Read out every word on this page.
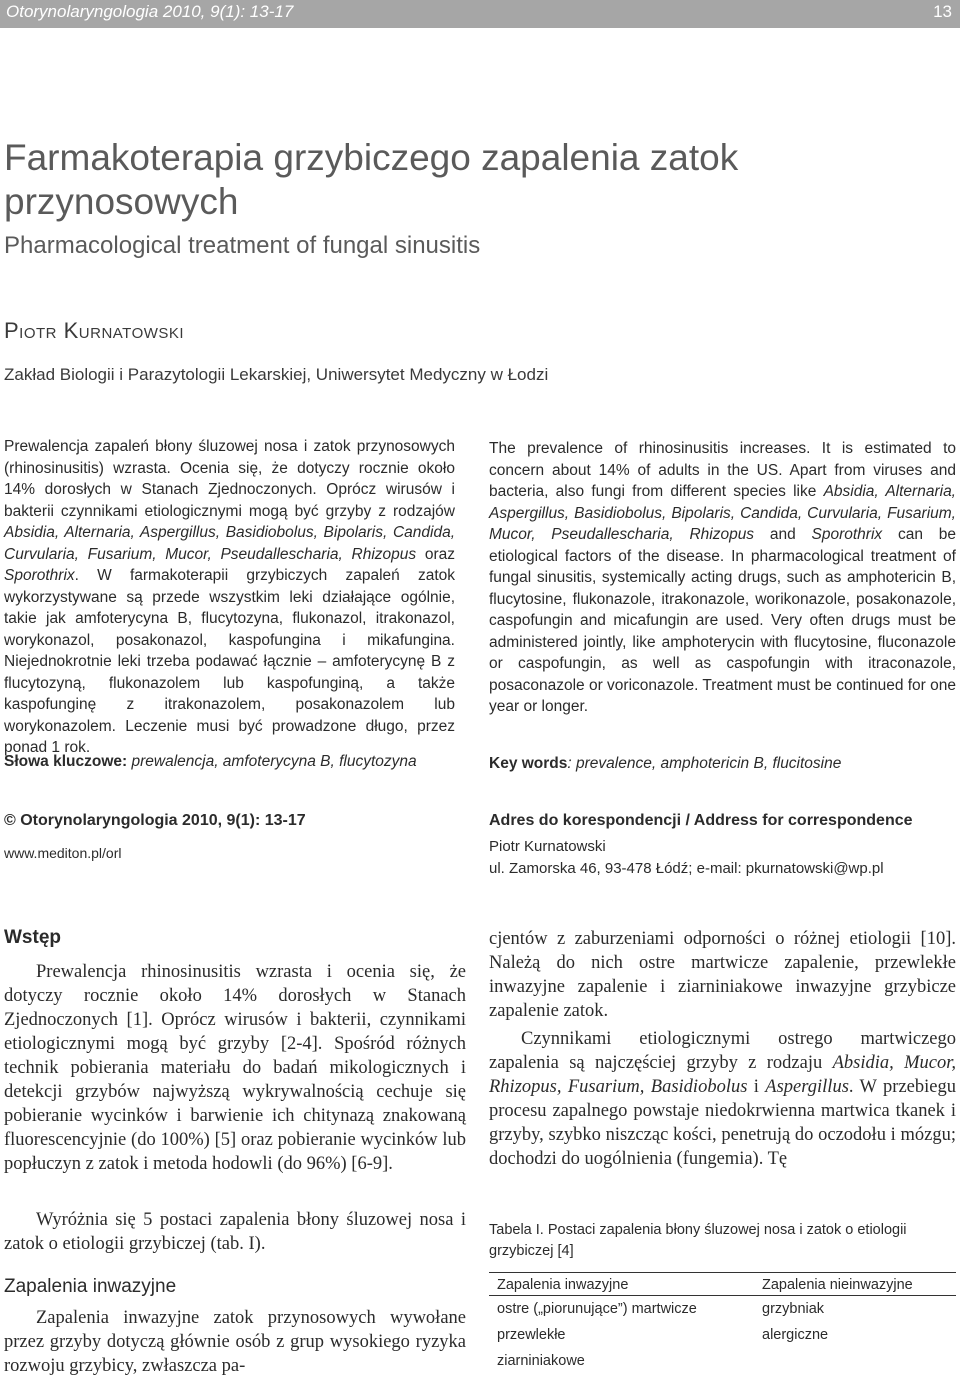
Otorynolaryngologia 2010, 9(1): 13-17	13
Farmakoterapia grzybiczego zapalenia zatok przynosowych
Pharmacological treatment of fungal sinusitis
Piotr Kurnatowski
Zakład Biologii i Parazytologii Lekarskiej, Uniwersytet Medyczny w Łodzi
Prewalencja zapaleń błony śluzowej nosa i zatok przynosowych (rhinosinusitis) wzrasta. Ocenia się, że dotyczy rocznie około 14% dorosłych w Stanach Zjednoczonych. Oprócz wirusów i bakterii czynnikami etiologicznymi mogą być grzyby z rodzajów Absidia, Alternaria, Aspergillus, Basidiobolus, Bipolaris, Candida, Curvularia, Fusarium, Mucor, Pseudallescharia, Rhizopus oraz Sporothrix. W farmakoterapii grzybiczych zapaleń zatok wykorzystywane są przede wszystkim leki działające ogólnie, takie jak amfoterycyna B, flucytozyna, flukonazol, itrakonazol, worykonazol, posakonazol, kaspofungina i mikafungina. Niejednokrotnie leki trzeba podawać łącznie – amfoterycynę B z flucytozyną, flukonazolem lub kaspofunginą, a także kaspofunginę z itrakonazolem, posakonazolem lub worykonazolem. Leczenie musi być prowadzone długo, przez ponad 1 rok.
Słowa kluczowe: prewalencja, amfoterycyna B, flucytozyna
The prevalence of rhinosinusitis increases. It is estimated to concern about 14% of adults in the US. Apart from viruses and bacteria, also fungi from different species like Absidia, Alternaria, Aspergillus, Basidiobolus, Bipolaris, Candida, Curvularia, Fusarium, Mucor, Pseudallescharia, Rhizopus and Sporothrix can be etiological factors of the disease. In pharmacological treatment of fungal sinusitis, systemically acting drugs, such as amphotericin B, flucytosine, flukonazole, itrakonazole, worikonazole, posakonazole, caspofungin and micafungin are used. Very often drugs must be administered jointly, like amphoterycin with flucytosine, fluconazole or caspofungin, as well as caspofungin with itraconazole, posaconazole or voriconazole. Treatment must be continued for one year or longer.
Key words: prevalence, amphotericin B, flucitosine
© Otorynolaryngologia 2010, 9(1): 13-17
www.mediton.pl/orl
Adres do korespondencji / Address for correspondence
Piotr Kurnatowski
ul. Zamorska 46, 93-478 Łódź; e-mail: pkurnatowski@wp.pl
Wstęp
Prewalencja rhinosinusitis wzrasta i ocenia się, że dotyczy rocznie około 14% dorosłych w Stanach Zjednoczonych [1]. Oprócz wirusów i bakterii, czynnikami etiologicznymi mogą być grzyby [2-4]. Spośród różnych technik pobierania materiału do badań mikologicznych i detekcji grzybów najwyższą wykrywalnością cechuje się pobieranie wycinków i barwienie ich chitynazą znakowaną fluorescencyjnie (do 100%) [5] oraz pobieranie wycinków lub popłuczyn z zatok i metoda hodowli (do 96%) [6-9].
Wyróżnia się 5 postaci zapalenia błony śluzowej nosa i zatok o etiologii grzybiczej (tab. I).
Zapalenia inwazyjne
Zapalenia inwazyjne zatok przynosowych wywołane przez grzyby dotyczą głównie osób z grup wysokiego ryzyka rozwoju grzybicy, zwłaszcza pa-
cjentów z zaburzeniami odporności o różnej etiologii [10]. Należą do nich ostre martwicze zapalenie, przewlekłe inwazyjne zapalenie i ziarniniakowe inwazyjne grzybicze zapalenie zatok.
Czynnikami etiologicznymi ostrego martwiczego zapalenia są najczęściej grzyby z rodzaju Absidia, Mucor, Rhizopus, Fusarium, Basidiobolus i Aspergillus. W przebiegu procesu zapalnego powstaje niedokrwienna martwica tkanek i grzyby, szybko niszcząc kości, penetrują do oczodołu i mózgu; dochodzi do uogólnienia (fungemia). Tę
Tabela I. Postaci zapalenia błony śluzowej nosa i zatok o etiologii grzybiczej [4]
Zapalenia inwazyjne	Zapalenia nieinwazyjne
ostre („piorunujące”) martwicze	grzybniak
przewlekłe	alergiczne
ziarniniakowe
